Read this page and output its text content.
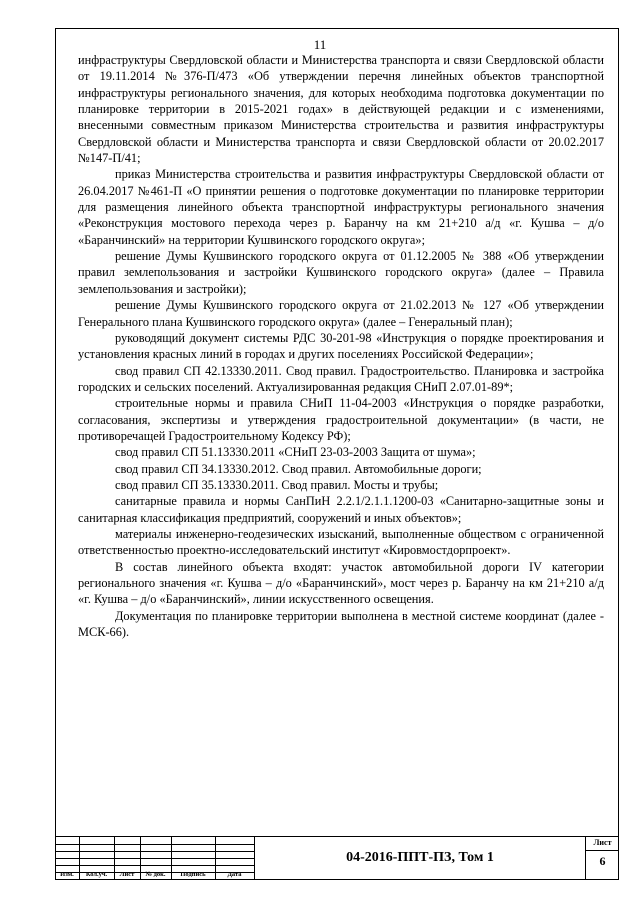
11

инфраструктуры Свердловской области и Министерства транспорта и связи Свердловской области от 19.11.2014 №376-П/473 «Об утверждении перечня линейных объектов транспортной инфраструктуры регионального значения, для которых необходима подготовка документации по планировке территории в 2015-2021 годах» в действующей редакции и с изменениями, внесенными совместным приказом Министерства строительства и развития инфраструктуры Свердловской области и Министерства транспорта и связи Свердловской области от 20.02.2017 №147-П/41;

приказ Министерства строительства и развития инфраструктуры Свердловской области от 26.04.2017 №461-П «О принятии решения о подготовке документации по планировке территории для размещения линейного объекта транспортной инфраструктуры регионального значения «Реконструкция мостового перехода через р. Баранчу на км 21+210 а/д «г. Кушва – д/о «Баранчинский» на территории Кушвинского городского округа»;

решение Думы Кушвинского городского округа от 01.12.2005 № 388 «Об утверждении правил землепользования и застройки Кушвинского городского округа» (далее – Правила землепользования и застройки);

решение Думы Кушвинского городского округа от 21.02.2013 № 127 «Об утверждении Генерального плана Кушвинского городского округа» (далее – Генеральный план);

руководящий документ системы РДС 30-201-98 «Инструкция о порядке проектирования и установления красных линий в городах и других поселениях Российской Федерации»;

свод правил СП 42.13330.2011. Свод правил. Градостроительство. Планировка и застройка городских и сельских поселений. Актуализированная редакция СНиП 2.07.01-89*;

строительные нормы и правила СНиП 11-04-2003 «Инструкция о порядке разработки, согласования, экспертизы и утверждения градостроительной документации» (в части, не противоречащей Градостроительному Кодексу РФ);

свод правил СП 51.13330.2011 «СНиП 23-03-2003 Защита от шума»;

свод правил СП 34.13330.2012. Свод правил. Автомобильные дороги;

свод правил СП 35.13330.2011. Свод правил. Мосты и трубы;

санитарные правила и нормы СанПиН 2.2.1/2.1.1.1200-03 «Санитарно-защитные зоны и санитарная классификация предприятий, сооружений и иных объектов»;

материалы инженерно-геодезических изысканий, выполненные обществом с ограниченной ответственностью проектно-исследовательский институт «Кировмостдорпроект».

В состав линейного объекта входят: участок автомобильной дороги IV категории регионального значения «г. Кушва – д/о «Баранчинский», мост через р. Баранчу на км 21+210 а/д «г. Кушва – д/о «Баранчинский», линии искусственного освещения.

Документация по планировке территории выполнена в местной системе координат (далее - МСК-66).

Изм.	Кол.уч.	Лист	№ док.	Подпись	Дата
04-2016-ППТ-ПЗ, Том 1
Лист
6
